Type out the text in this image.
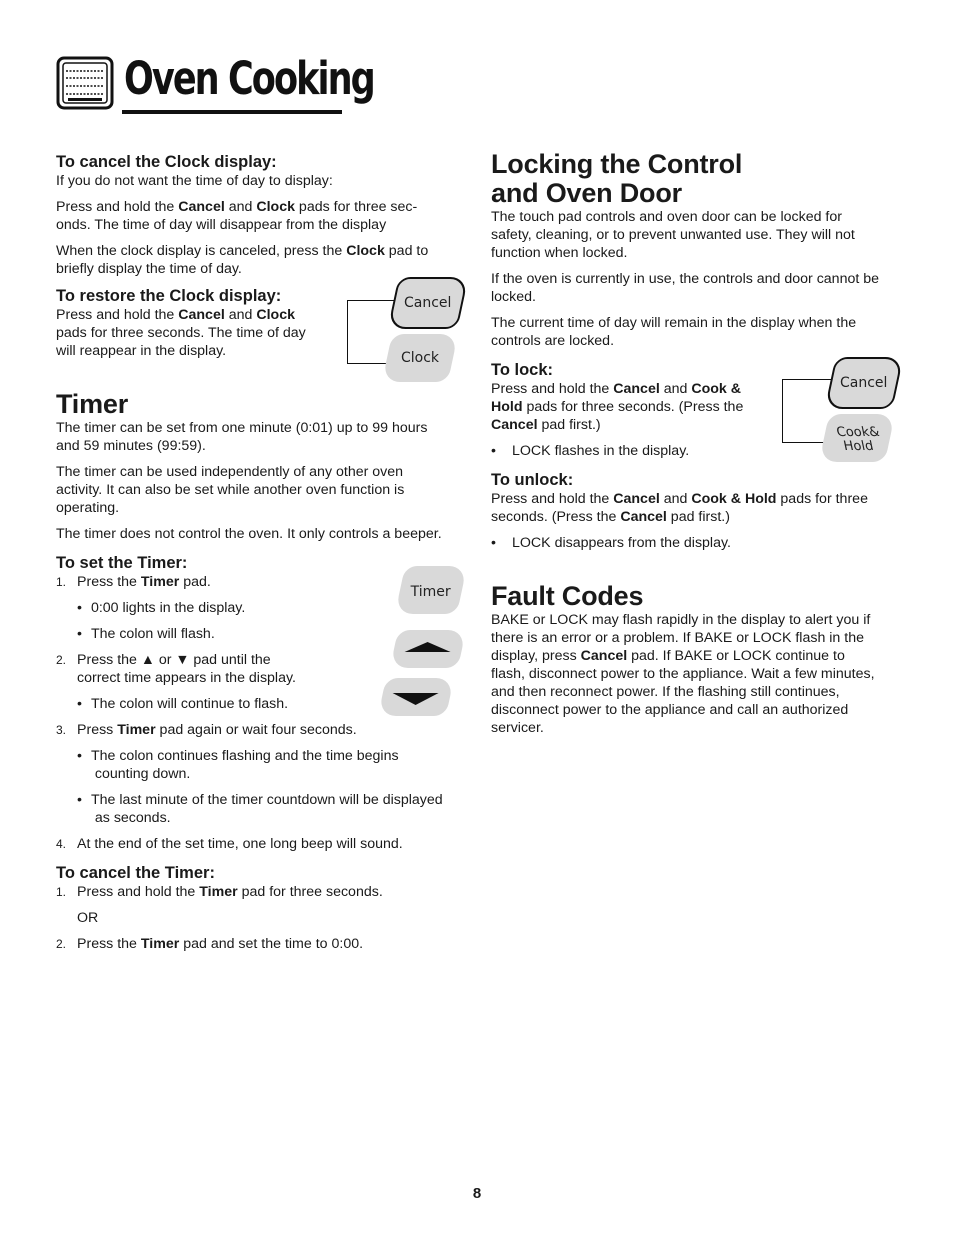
Oven Cooking
To cancel the Clock display:

If you do not want the time of day to display:

Press and hold the Cancel and Clock pads for three sec-
onds. The time of day will disappear from the display

When the clock display is canceled, press the Clock pad to
briefly display the time of day.

To restore the Clock display:

Press and hold the Cancel and Clock
pads for three seconds. The time of day
will reappear in the display.

Timer

The timer can be set from one minute (0:01) up to 99 hours
and 59 minutes (99:59).

The timer can be used independently of any other oven
activity. It can also be set while another oven function is
operating.

The timer does not control the oven. It only controls a beeper.

To set the Timer:
1. Press the Timer pad.
• 0:00 lights in the display.
• The colon will flash.
2. Press the ▲ or ▼ pad until the
correct time appears in the display.
• The colon will continue to flash.
3. Press Timer pad again or wait four seconds.
• The colon continues flashing and the time begins
counting down.
• The last minute of the timer countdown will be displayed
as seconds.
4. At the end of the set time, one long beep will sound.
To cancel the Timer:
1. Press and hold the Timer pad for three seconds.
OR
2. Press the Timer pad and set the time to 0:00.
Cancel
Clock
Timer
Locking the Control
and Oven Door

The touch pad controls and oven door can be locked for
safety, cleaning, or to prevent unwanted use. They will not
function when locked.

If the oven is currently in use, the controls and door cannot be
locked.

The current time of day will remain in the display when the
controls are locked.

To lock:

Press and hold the Cancel and Cook &
Hold pads for three seconds. (Press the
Cancel pad first.)

• LOCK flashes in the display.
To unlock:

Press and hold the Cancel and Cook & Hold pads for three
seconds. (Press the Cancel pad first.)

• LOCK disappears from the display.
Fault Codes

BAKE or LOCK may flash rapidly in the display to alert you if
there is an error or a problem. If BAKE or LOCK flash in the
display, press Cancel pad. If BAKE or LOCK continue to
flash, disconnect power to the appliance. Wait a few minutes,
and then reconnect power. If the flashing still continues,
disconnect power to the appliance and call an authorized
servicer.

Cancel
Cook&
Hold
8
